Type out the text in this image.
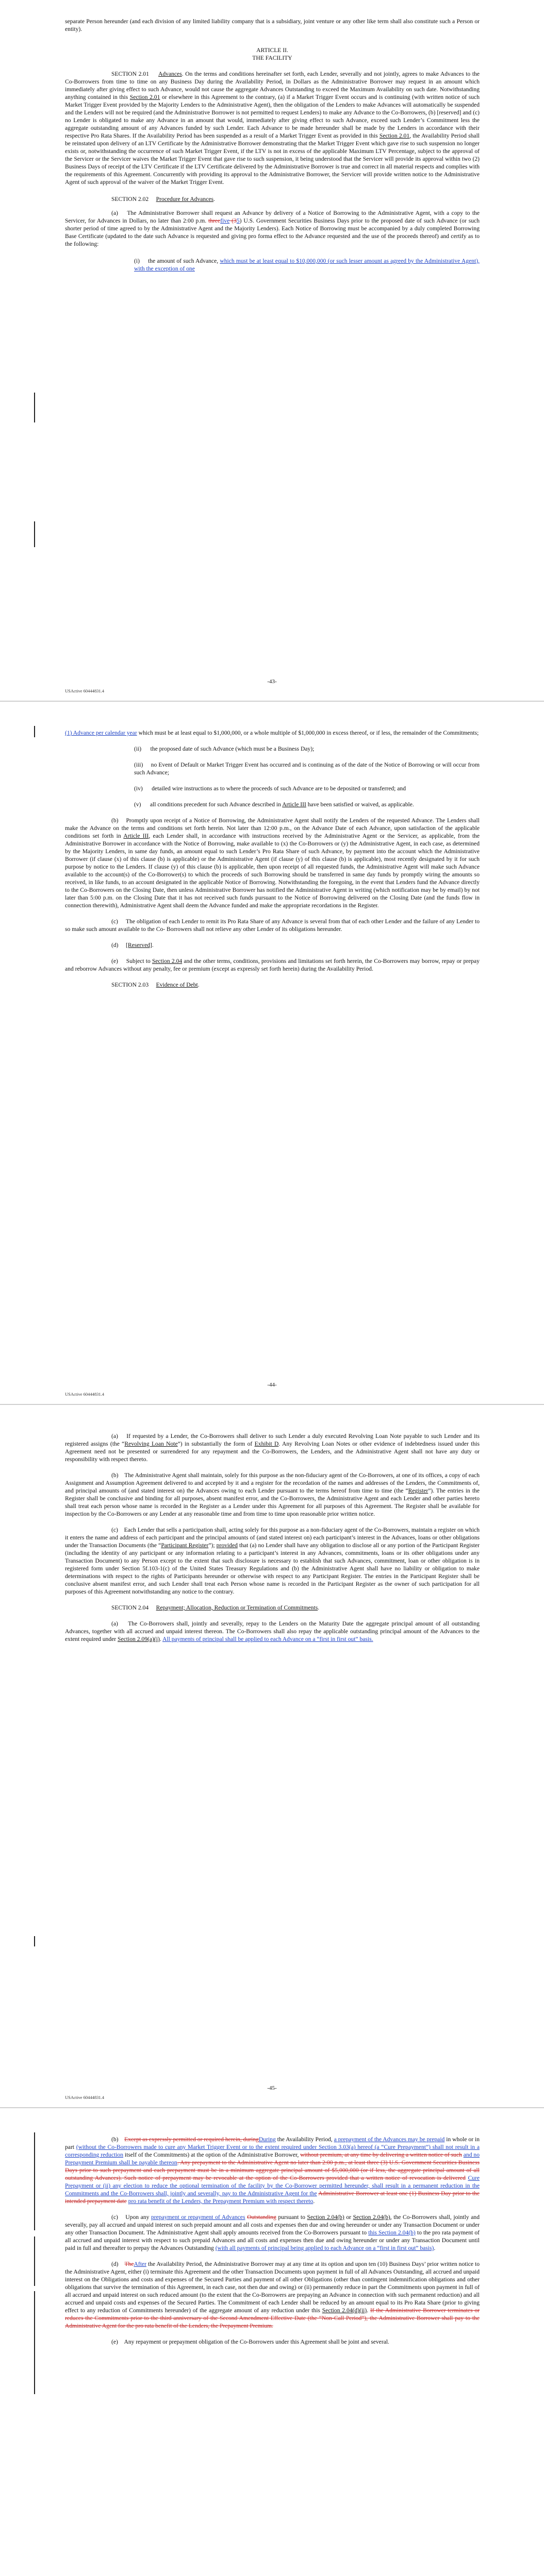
separate Person hereunder (and each division of any limited liability company that is a subsidiary, joint venture or any other like term shall also constitute such a Person or entity).

ARTICLE II.

THE FACILITY

SECTION 2.01 Advances. On the terms and conditions hereinafter set forth, each Lender, severally and not jointly, agrees to make Advances to the Co-Borrowers from time to time on any Business Day during the Availability Period, in Dollars as the Administrative Borrower may request in an amount which immediately after giving effect to such Advance, would not cause the aggregate Advances Outstanding to exceed the Maximum Availability on such date. Notwithstanding anything contained in this Section 2.01 or elsewhere in this Agreement to the contrary, (a) if a Market Trigger Event occurs and is continuing (with written notice of such Market Trigger Event provided by the Majority Lenders to the Administrative Agent), then the obligation of the Lenders to make Advances will automatically be suspended and the Lenders will not be required (and the Administrative Borrower is not permitted to request Lenders) to make any Advance to the Co-Borrowers, (b) [reserved] and (c) no Lender is obligated to make any Advance in an amount that would, immediately after giving effect to such Advance, exceed such Lender’s Commitment less the aggregate outstanding amount of any Advances funded by such Lender. Each Advance to be made hereunder shall be made by the Lenders in accordance with their respective Pro Rata Shares. If the Availability Period has been suspended as a result of a Market Trigger Event as provided in this Section 2.01, the Availability Period shall be reinstated upon delivery of an LTV Certificate by the Administrative Borrower demonstrating that the Market Trigger Event which gave rise to such suspension no longer exists or, notwithstanding the occurrence of such Market Trigger Event, if the LTV is not in excess of the applicable Maximum LTV Percentage, subject to the approval of the Servicer or the Servicer waives the Market Trigger Event that gave rise to such suspension, it being understood that the Servicer will provide its approval within two (2) Business Days of receipt of the LTV Certificate if the LTV Certificate delivered by the Administrative Borrower is true and correct in all material respects and complies with the requirements of this Agreement. Concurrently with providing its approval to the Administrative Borrower, the Servicer will provide written notice to the Administrative Agent of such approval of the waiver of the Market Trigger Event.

SECTION 2.02 Procedure for Advances.

(a)    The Administrative Borrower shall request an Advance by delivery of a Notice of Borrowing to the Administrative Agent, with a copy to the Servicer, for Advances in Dollars, no later than 2:00 p.m. threefive (35) U.S. Government Securities Business Days prior to the proposed date of such Advance (or such shorter period of time agreed to by the Administrative Agent and the Majority Lenders). Each Notice of Borrowing must be accompanied by a duly completed Borrowing Base Certificate (updated to the date such Advance is requested and giving pro forma effect to the Advance requested and the use of the proceeds thereof) and certify as to the following:

(i)     the amount of such Advance, which must be at least equal to $10,000,000 (or such lesser amount as agreed by the Administrative Agent), with the exception of one

-43-
USActive 60444831.4

(1) Advance per calendar year which must be at least equal to $1,000,000, or a whole multiple of $1,000,000 in excess thereof, or if less, the remainder of the Commitments;

(ii)      the proposed date of such Advance (which must be a Business Day);

(iii)     no Event of Default or Market Trigger Event has occurred and is continuing as of the date of the Notice of Borrowing or will occur from such Advance;

(iv)      detailed wire instructions as to where the proceeds of such Advance are to be deposited or transferred; and

(v)      all conditions precedent for such Advance described in Article III have been satisfied or waived, as applicable.

(b)    Promptly upon receipt of a Notice of Borrowing, the Administrative Agent shall notify the Lenders of the requested Advance. The Lenders shall make the Advance on the terms and conditions set forth herein. Not later than 12:00 p.m., on the Advance Date of each Advance, upon satisfaction of the applicable conditions set forth in Article III, each Lender shall, in accordance with instructions received by the Administrative Agent or the Servicer, as applicable, from the Administrative Borrower in accordance with the Notice of Borrowing, make available to (x) the Co-Borrowers or (y) the Administrative Agent, in each case, as determined by the Majority Lenders, in same day funds, an amount equal to such Lender’s Pro Rata Share of such Advance, by payment into the account which the Administrative Borrower (if clause (x) of this clause (b) is applicable) or the Administrative Agent (if clause (y) of this clause (b) is applicable), most recently designated by it for such purpose by notice to the Lenders. If clause (y) of this clause (b) is applicable, then upon receipt of all requested funds, the Administrative Agent will make such Advance available to the account(s) of the Co-Borrower(s) to which the proceeds of such Borrowing should be transferred in same day funds by promptly wiring the amounts so received, in like funds, to an account designated in the applicable Notice of Borrowing. Notwithstanding the foregoing, in the event that Lenders fund the Advance directly to the Co-Borrowers on the Closing Date, then unless Administrative Borrower has notified the Administrative Agent in writing (which notification may be by email) by not later than 5:00 p.m. on the Closing Date that it has not received such funds pursuant to the Notice of Borrowing delivered on the Closing Date (and the funds flow in connection therewith), Administrative Agent shall deem the Advance funded and make the appropriate recordations in the Register.

(c)     The obligation of each Lender to remit its Pro Rata Share of any Advance is several from that of each other Lender and the failure of any Lender to so make such amount available to the Co- Borrowers shall not relieve any other Lender of its obligations hereunder.

(d)     [Reserved].

(e)     Subject to Section 2.04 and the other terms, conditions, provisions and limitations set forth herein, the Co-Borrowers may borrow, repay or prepay and reborrow Advances without any penalty, fee or premium (except as expressly set forth herein) during the Availability Period.

SECTION 2.03 Evidence of Debt.

-44-
USActive 60444831.4

(a)    If requested by a Lender, the Co-Borrowers shall deliver to such Lender a duly executed Revolving Loan Note payable to such Lender and its registered assigns (the “Revolving Loan Note”) in substantially the form of Exhibit D. Any Revolving Loan Notes or other evidence of indebtedness issued under this Agreement need not be presented or surrendered for any repayment and the Co-Borrowers, the Lenders, and the Administrative Agent shall not have any duty or responsibility with respect thereto.

(b)    The Administrative Agent shall maintain, solely for this purpose as the non-fiduciary agent of the Co-Borrowers, at one of its offices, a copy of each Assignment and Assumption Agreement delivered to and accepted by it and a register for the recordation of the names and addresses of the Lenders, the Commitments of, and principal amounts of (and stated interest on) the Advances owing to each Lender pursuant to the terms hereof from time to time (the “Register”). The entries in the Register shall be conclusive and binding for all purposes, absent manifest error, and the Co-Borrowers, the Administrative Agent and each Lender and other parties hereto shall treat each person whose name is recorded in the Register as a Lender under this Agreement for all purposes of this Agreement. The Register shall be available for inspection by the Co-Borrowers or any Lender at any reasonable time and from time to time upon reasonable prior written notice.

(c)    Each Lender that sells a participation shall, acting solely for this purpose as a non-fiduciary agent of the Co-Borrowers, maintain a register on which it enters the name and address of each participant and the principal amounts of (and stated interest on) each participant’s interest in the Advances, loans or other obligations under the Transaction Documents (the “Participant Register”); provided that (a) no Lender shall have any obligation to disclose all or any portion of the Participant Register (including the identity of any participant or any information relating to a participant’s interest in any Advances, commitments, loans or its other obligations under any Transaction Document) to any Person except to the extent that such disclosure is necessary to establish that such Advances, commitment, loan or other obligation is in registered form under Section 5f.103-1(c) of the United States Treasury Regulations and (b) the Administrative Agent shall have no liability or obligation to make determinations with respect to the rights of Participants hereunder or otherwise with respect to any Participant Register. The entries in the Participant Register shall be conclusive absent manifest error, and such Lender shall treat each Person whose name is recorded in the Participant Register as the owner of such participation for all purposes of this Agreement notwithstanding any notice to the contrary.

SECTION 2.04 Repayment; Allocation, Reduction or Termination of Commitments.

(a)    The Co-Borrowers shall, jointly and severally, repay to the Lenders on the Maturity Date the aggregate principal amount of all outstanding Advances, together with all accrued and unpaid interest thereon. The Co-Borrowers shall also repay the applicable outstanding principal amount of the Advances to the extent required under Section 2.09(a)(i). All payments of principal shall be applied to each Advance on a “first in first out” basis.

-45-
USActive 60444831.4

(b)    Except as expressly permitted or required herein, duringDuring the Availability Period, a prepayment of the Advances may be prepaid in whole or in part (without the Co-Borrowers made to cure any Market Trigger Event or to the extent required under Section 3.03(a) hereof (a “Cure Prepayment”) shall not result in a corresponding reduction itself of the Commitments) at the option of the Administrative Borrower, without premium, at any time by delivering a written notice of such and no Prepayment Premium shall be payable thereon. Any prepayment to the Administrative Agent no later than 2:00 p.m., at least three (3) U.S. Government Securities Business Days prior to such prepayment and each prepayment must be in a minimum aggregate principal amount of $5,000,000 (or if less, the aggregate principal amount of all outstanding Advances). Such notice of prepayment may be revocable at the option of the Co-Borrowers provided that a written notice of revocation is delivered Cure Prepayment or (ii) any election to reduce the optional termination of the facility by the Co-Borrower permitted hereunder, shall result in a permanent reduction in the Commitments and the Co-Borrowers shall, jointly and severally, pay to the Administrative Agent for the Administrative Borrower at least one (1) Business Day prior to the intended prepayment date pro rata benefit of the Lenders, the Prepayment Premium with respect thereto.

(c)    Upon any prepayment or repayment of Advances Outstanding pursuant to Section 2.04(b) or Section 2.04(b), the Co-Borrowers shall, jointly and severally, pay all accrued and unpaid interest on such prepaid amount and all costs and expenses then due and owing hereunder or under any Transaction Document or under any other Transaction Document. The Administrative Agent shall apply amounts received from the Co-Borrowers pursuant to this Section 2.04(b) to the pro rata payment of all accrued and unpaid interest with respect to such prepaid Advances and all costs and expenses then due and owing hereunder or under any Transaction Document until paid in full and thereafter to prepay the Advances Outstanding (with all payments of principal being applied to each Advance on a “first in first out” basis).

(d)    TheAfter the Availability Period, the Administrative Borrower may at any time at its option and upon ten (10) Business Days’ prior written notice to the Administrative Agent, either (i) terminate this Agreement and the other Transaction Documents upon payment in full of all Advances Outstanding, all accrued and unpaid interest on the Obligations and costs and expenses of the Secured Parties and payment of all other Obligations (other than contingent indemnification obligations and other obligations that survive the termination of this Agreement, in each case, not then due and owing) or (ii) permanently reduce in part the Commitments upon payment in full of all accrued and unpaid interest on such reduced amount (to the extent that the Co-Borrowers are prepaying an Advance in connection with such permanent reduction) and all accrued and unpaid costs and expenses of the Secured Parties. The Commitment of each Lender shall be reduced by an amount equal to its Pro Rata Share (prior to giving effect to any reduction of Commitments hereunder) of the aggregate amount of any reduction under this Section 2.04(d)(ii). If the Administrative Borrower terminates or reduces the Commitments prior to the third anniversary of the Second Amendment Effective Date (the “Non-Call Period”), the Administrative Borrower shall pay to the Administrative Agent for the pro rata benefit of the Lenders, the Prepayment Premium.

(e)    Any repayment or prepayment obligation of the Co-Borrowers under this Agreement shall be joint and several.
